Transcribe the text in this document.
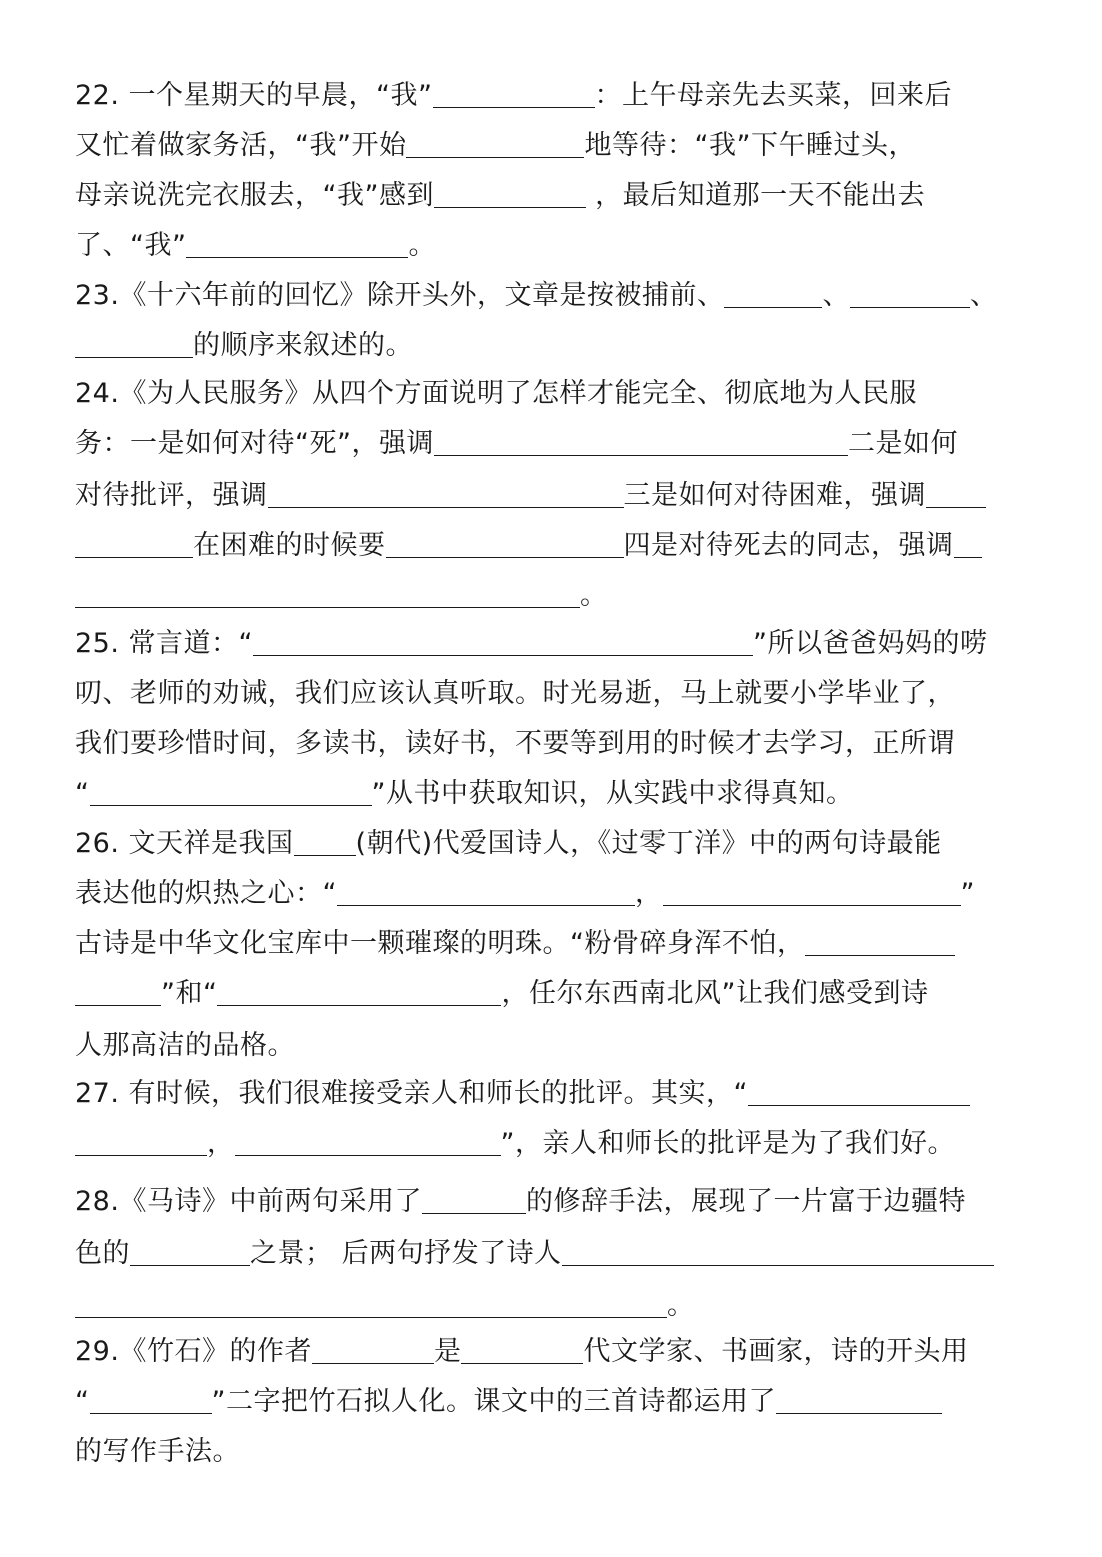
22. 一个星期天的早晨，“我”	：上午母亲先去买菜，回来后
又忙着做家务活，“我”开始	地等待：“我”下午睡过头，
母亲说洗完衣服去，“我”感到	，最后知道那一天不能出去
了、“我”	。
23.《十六年前的回忆》除开头外，文章是按被捕前、	、	、
的顺序来叙述的。
24.《为人民服务》从四个方面说明了怎样才能完全、彻底地为人民服
务：一是如何对待“死”，强调	二是如何
对待批评，强调	三是如何对待困难，强调
在困难的时候要	四是对待死去的同志，强调
。
25. 常言道：“	”所以爸爸妈妈的唠
叨、老师的劝诫，我们应该认真听取。时光易逝，马上就要小学毕业了，
我们要珍惜时间，多读书，读好书，不要等到用的时候才去学习，正所谓
“	”从书中获取知识，从实践中求得真知。
26. 文天祥是我国 (朝代)代爱国诗人，《过零丁洋》中的两句诗最能
表达他的炽热之心：“	，	”
古诗是中华文化宝库中一颗璀璨的明珠。“粉骨碎身浑不怕，
”和“	，任尔东西南北风”让我们感受到诗
人那高洁的品格。
27. 有时候，我们很难接受亲人和师长的批评。其实，“
，	”，亲人和师长的批评是为了我们好。
28.《马诗》中前两句采用了	的修辞手法，展现了一片富于边疆特
色的	之景； 后两句抒发了诗人
。
29.《竹石》的作者	是	代文学家、书画家，诗的开头用
“	”二字把竹石拟人化。课文中的三首诗都运用了
的写作手法。
